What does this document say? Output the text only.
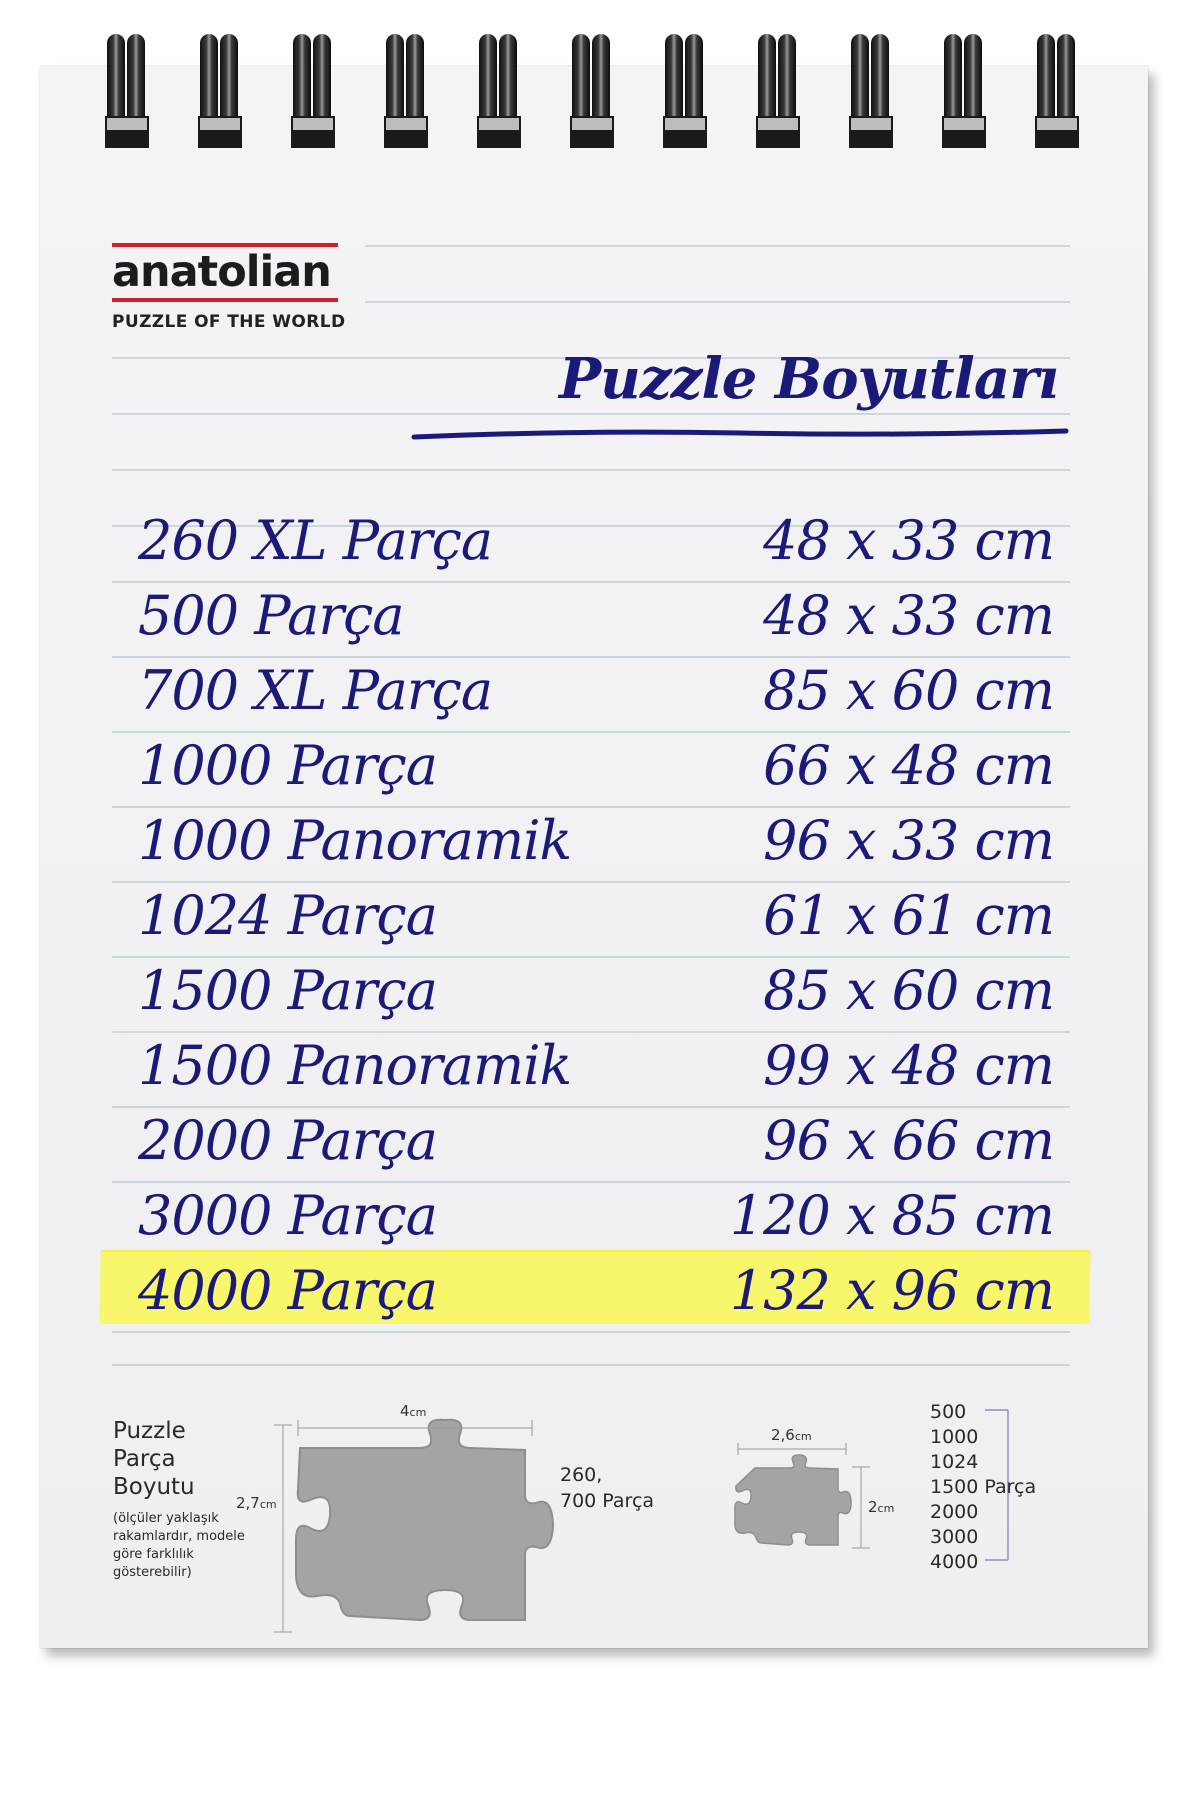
anatolian
PUZZLE OF THE WORLD
Puzzle Boyutları
260 XL Parça	48 x 33 cm
500 Parça	48 x 33 cm
700 XL Parça	85 x 60 cm
1000 Parça	66 x 48 cm
1000 Panoramik	96 x 33 cm
1024 Parça	61 x 61 cm
1500 Parça	85 x 60 cm
1500 Panoramik	99 x 48 cm
2000 Parça	96 x 66 cm
3000 Parça	120 x 85 cm
4000 Parça	132 x 96 cm
Puzzle
Parça
Boyutu
(ölçüler yaklaşık
rakamlardır, modele
göre farklılık
gösterebilir)
4cm
2,7cm
2,6cm
2cm
260,
700 Parça
500
1000
1024
1500 Parça
2000
3000
4000
